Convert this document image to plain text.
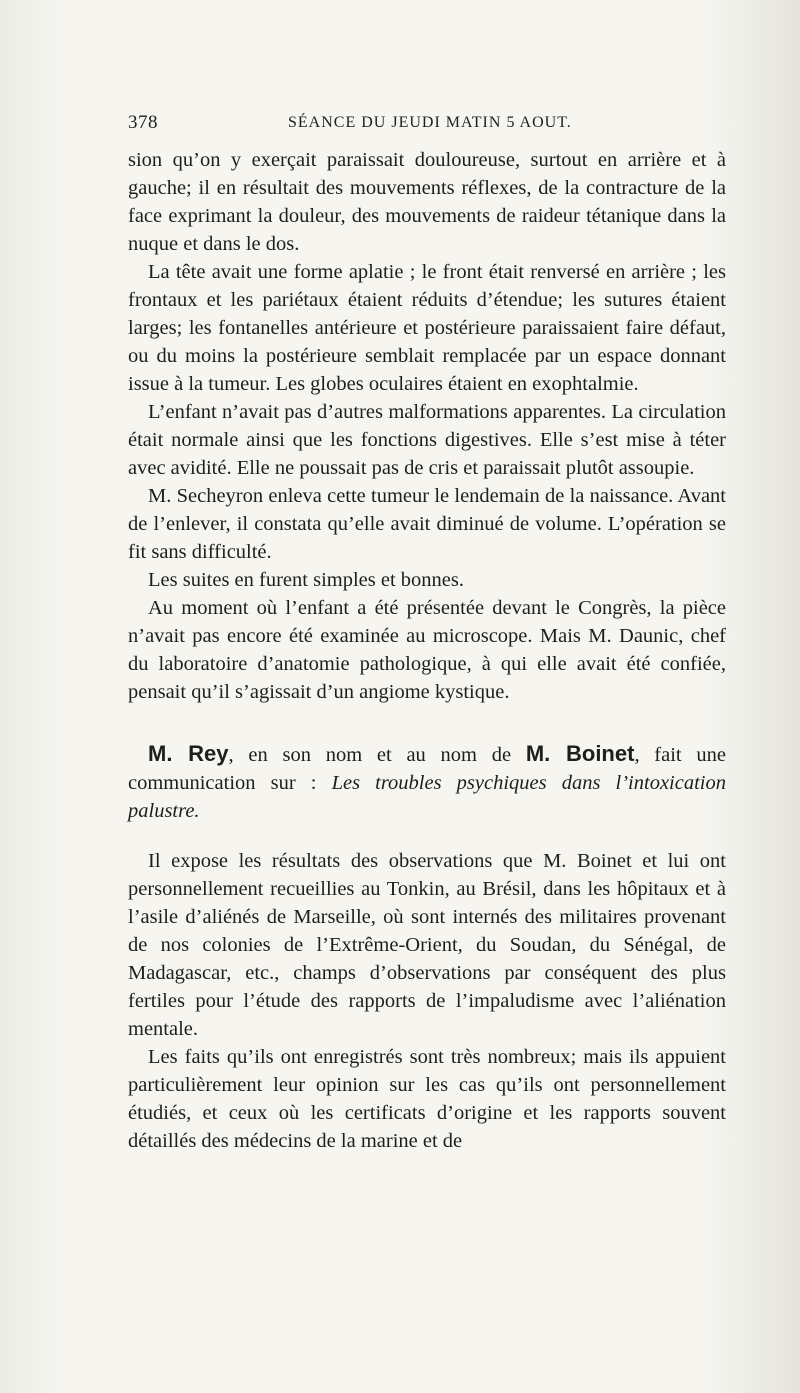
378	SÉANCE DU JEUDI MATIN 5 AOUT.

sion qu’on y exerçait paraissait douloureuse, surtout en arrière et à gauche; il en résultait des mouvements réflexes, de la contracture de la face exprimant la douleur, des mouvements de raideur tétanique dans la nuque et dans le dos.

La tête avait une forme aplatie ; le front était renversé en arrière ; les frontaux et les pariétaux étaient réduits d’étendue; les sutures étaient larges; les fontanelles antérieure et postérieure paraissaient faire défaut, ou du moins la postérieure semblait remplacée par un espace donnant issue à la tumeur. Les globes oculaires étaient en exophtalmie.

L’enfant n’avait pas d’autres malformations apparentes. La circulation était normale ainsi que les fonctions digestives. Elle s’est mise à téter avec avidité. Elle ne poussait pas de cris et paraissait plutôt assoupie.

M. Secheyron enleva cette tumeur le lendemain de la naissance. Avant de l’enlever, il constata qu’elle avait diminué de volume. L’opération se fit sans difficulté.

Les suites en furent simples et bonnes.

Au moment où l’enfant a été présentée devant le Congrès, la pièce n’avait pas encore été examinée au microscope. Mais M. Daunic, chef du laboratoire d’anatomie pathologique, à qui elle avait été confiée, pensait qu’il s’agissait d’un angiome kystique.

M. Rey, en son nom et au nom de M. Boinet, fait une communication sur : Les troubles psychiques dans l’intoxication palustre.

Il expose les résultats des observations que M. Boinet et lui ont personnellement recueillies au Tonkin, au Brésil, dans les hôpitaux et à l’asile d’aliénés de Marseille, où sont internés des militaires provenant de nos colonies de l’Extrême-Orient, du Soudan, du Sénégal, de Madagascar, etc., champs d’observations par conséquent des plus fertiles pour l’étude des rapports de l’impaludisme avec l’aliénation mentale.

Les faits qu’ils ont enregistrés sont très nombreux; mais ils appuient particulièrement leur opinion sur les cas qu’ils ont personnellement étudiés, et ceux où les certificats d’origine et les rapports souvent détaillés des médecins de la marine et de
